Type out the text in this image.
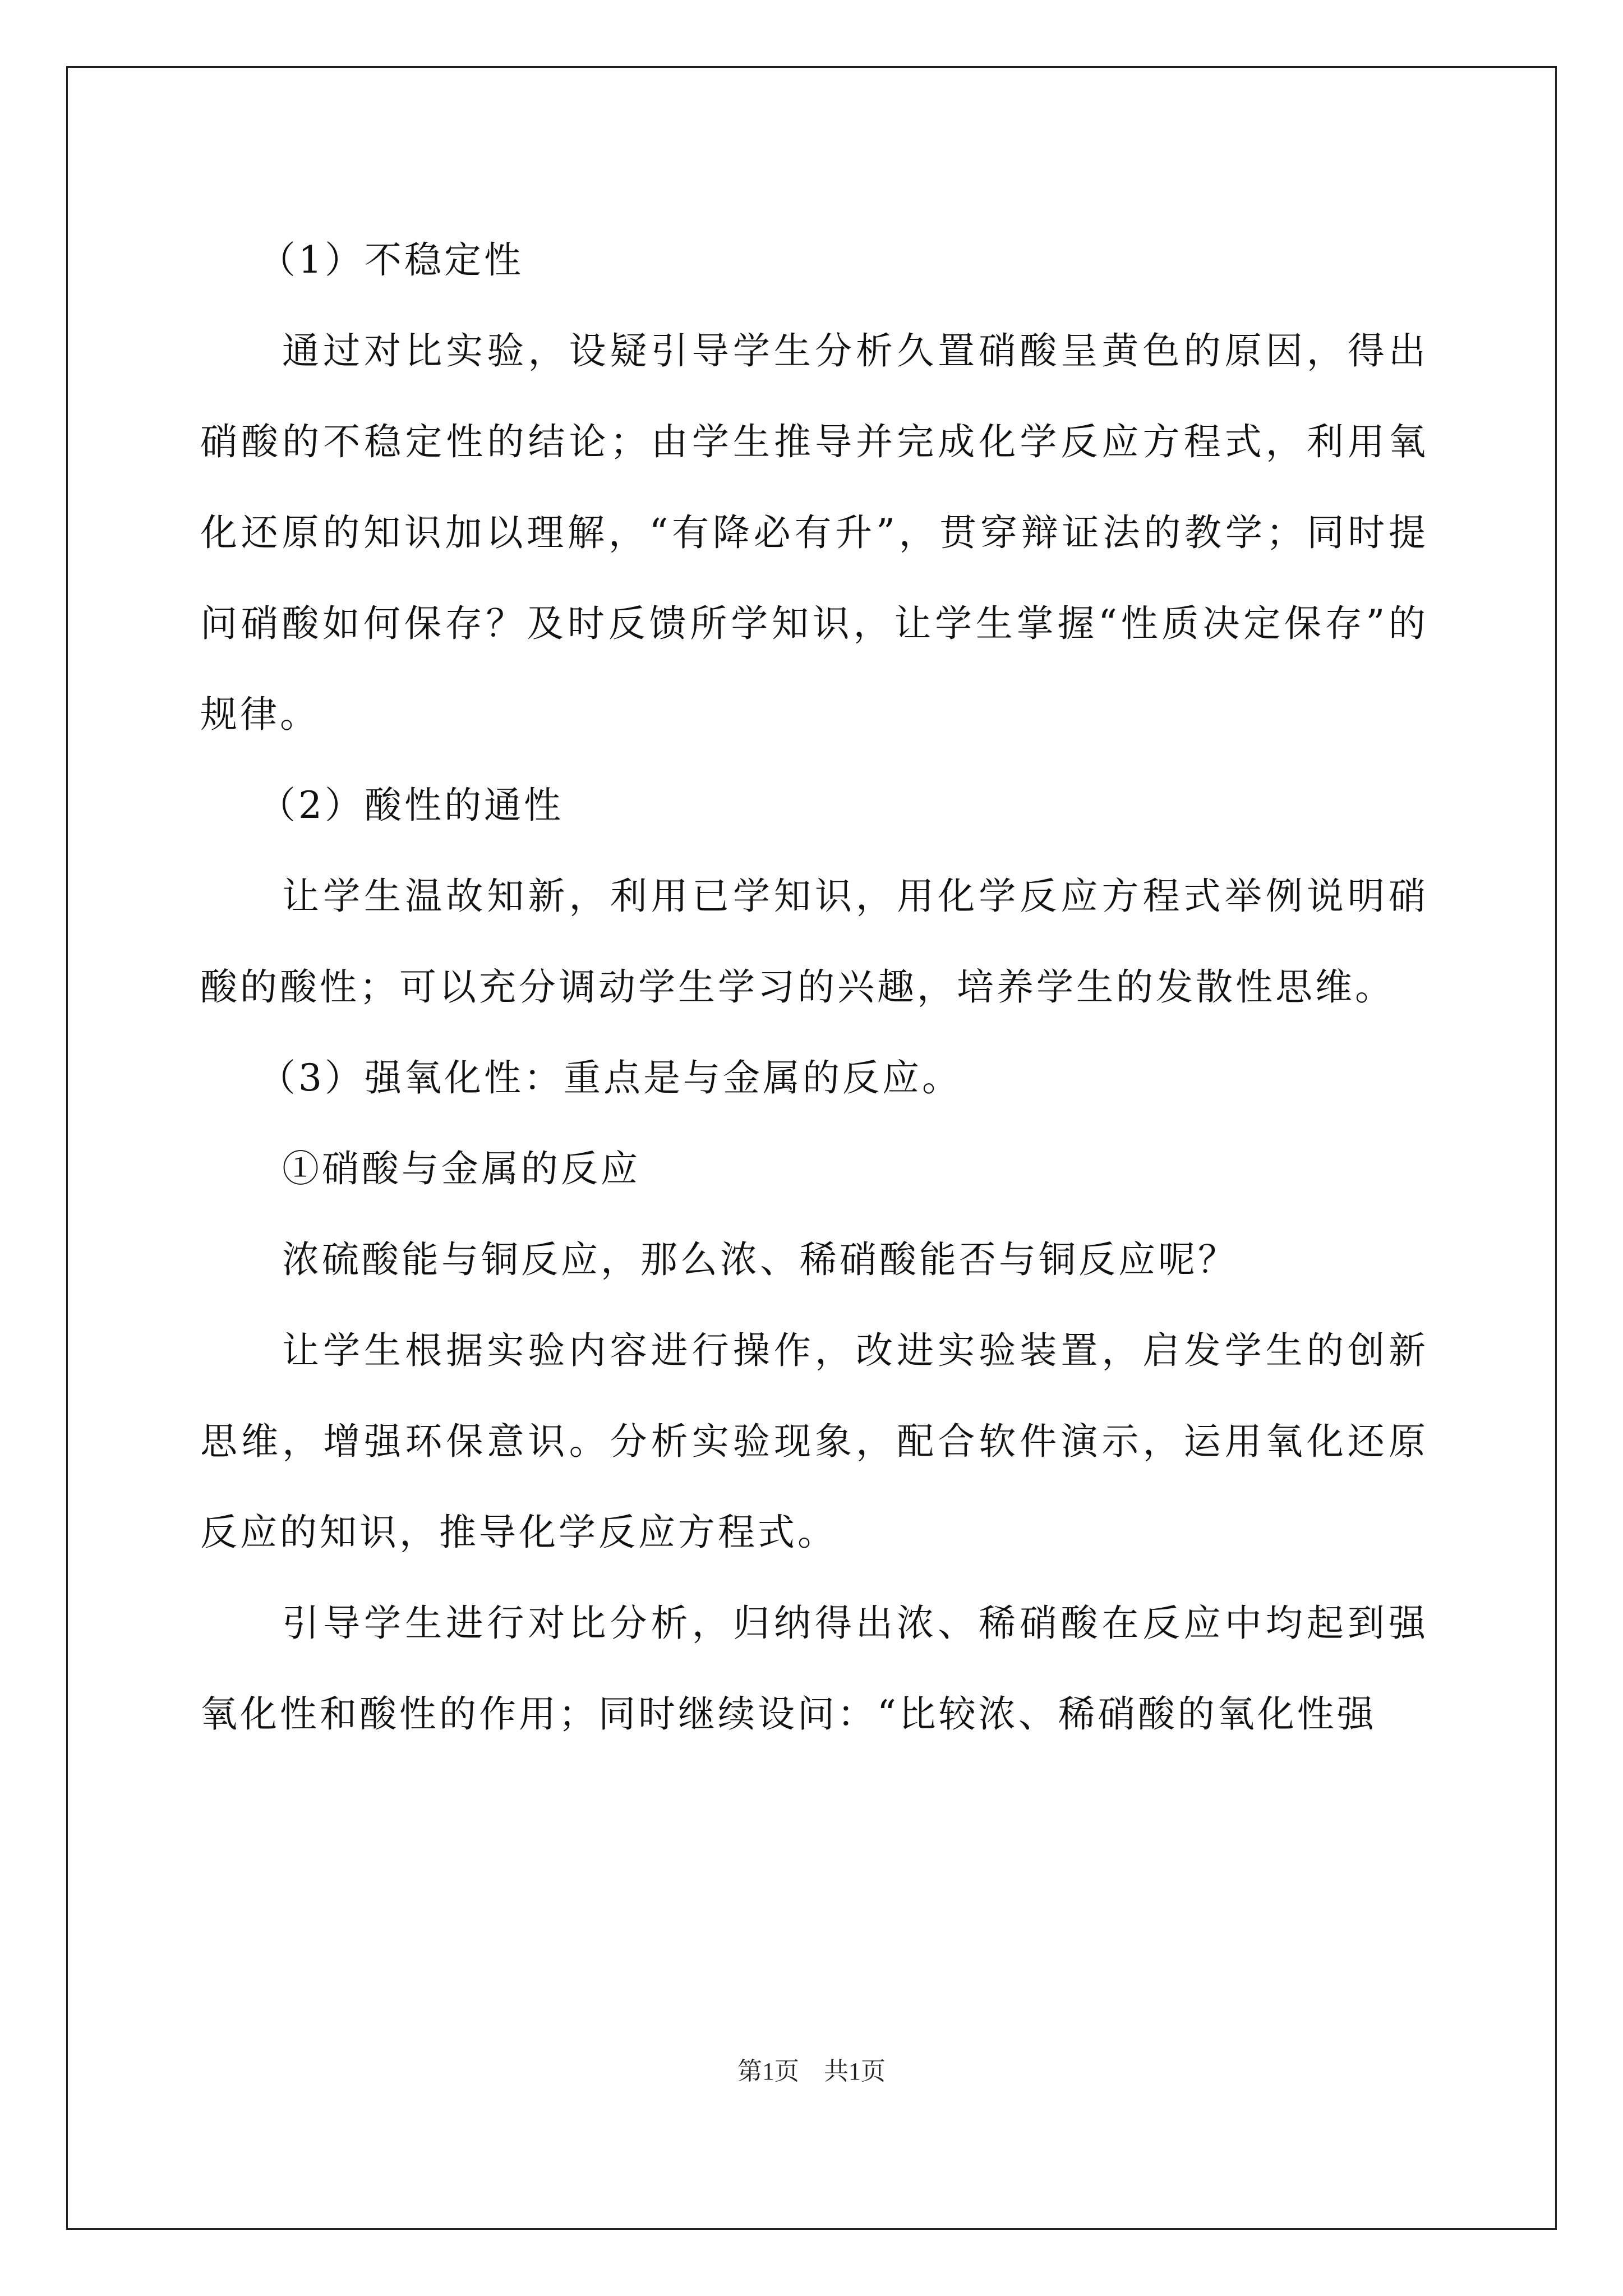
（1）不稳定性

通过对比实验，设疑引导学生分析久置硝酸呈黄色的原因，得出硝酸的不稳定性的结论；由学生推导并完成化学反应方程式，利用氧化还原的知识加以理解，“有降必有升”，贯穿辩证法的教学；同时提问硝酸如何保存？及时反馈所学知识，让学生掌握“性质决定保存”的规律。

（2）酸性的通性

让学生温故知新，利用已学知识，用化学反应方程式举例说明硝酸的酸性；可以充分调动学生学习的兴趣，培养学生的发散性思维。

（3）强氧化性：重点是与金属的反应。

①硝酸与金属的反应

浓硫酸能与铜反应，那么浓、稀硝酸能否与铜反应呢？

让学生根据实验内容进行操作，改进实验装置，启发学生的创新思维，增强环保意识。分析实验现象，配合软件演示，运用氧化还原反应的知识，推导化学反应方程式。

引导学生进行对比分析，归纳得出浓、稀硝酸在反应中均起到强氧化性和酸性的作用；同时继续设问：“比较浓、稀硝酸的氧化性强

第1页 共1页
